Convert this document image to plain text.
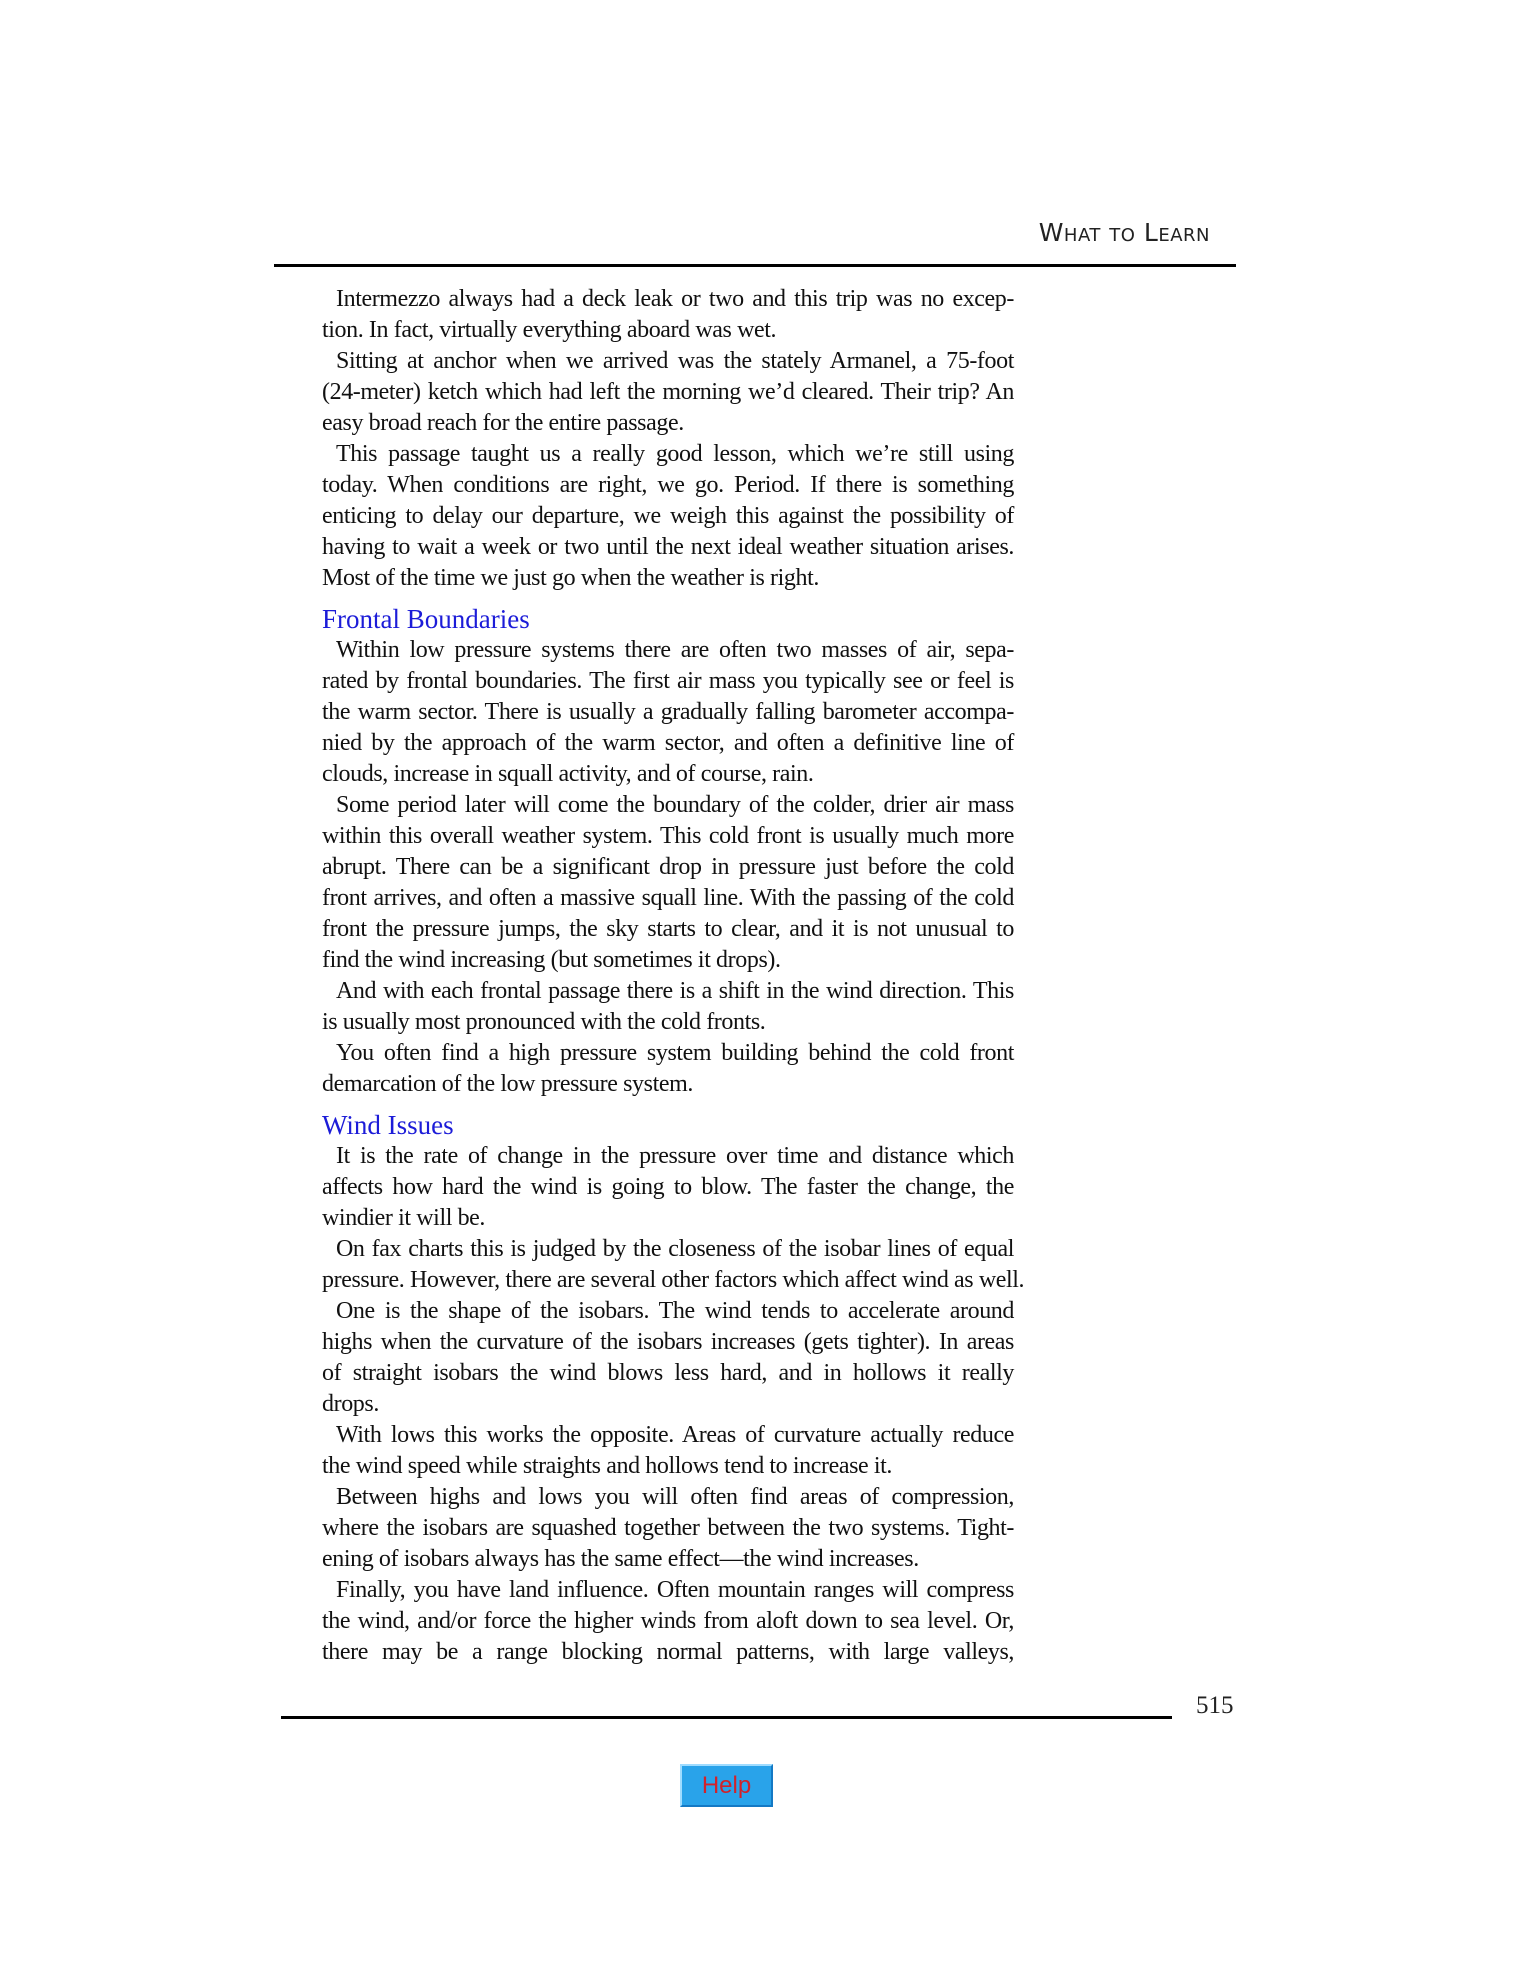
What to Learn
Intermezzo always had a deck leak or two and this trip was no excep-
tion. In fact, virtually everything aboard was wet.
Sitting at anchor when we arrived was the stately Armanel, a 75-foot
(24-meter) ketch which had left the morning we’d cleared. Their trip? An
easy broad reach for the entire passage.
This passage taught us a really good lesson, which we’re still using
today. When conditions are right, we go. Period. If there is something
enticing to delay our departure, we weigh this against the possibility of
having to wait a week or two until the next ideal weather situation arises.
Most of the time we just go when the weather is right.
Frontal Boundaries
Within low pressure systems there are often two masses of air, sepa-
rated by frontal boundaries. The first air mass you typically see or feel is
the warm sector. There is usually a gradually falling barometer accompa-
nied by the approach of the warm sector, and often a definitive line of
clouds, increase in squall activity, and of course, rain.
Some period later will come the boundary of the colder, drier air mass
within this overall weather system. This cold front is usually much more
abrupt. There can be a significant drop in pressure just before the cold
front arrives, and often a massive squall line. With the passing of the cold
front the pressure jumps, the sky starts to clear, and it is not unusual to
find the wind increasing (but sometimes it drops).
And with each frontal passage there is a shift in the wind direction. This
is usually most pronounced with the cold fronts.
You often find a high pressure system building behind the cold front
demarcation of the low pressure system.
Wind Issues
It is the rate of change in the pressure over time and distance which
affects how hard the wind is going to blow. The faster the change, the
windier it will be.
On fax charts this is judged by the closeness of the isobar lines of equal
pressure. However, there are several other factors which affect wind as well.
One is the shape of the isobars. The wind tends to accelerate around
highs when the curvature of the isobars increases (gets tighter). In areas
of straight isobars the wind blows less hard, and in hollows it really
drops.
With lows this works the opposite. Areas of curvature actually reduce
the wind speed while straights and hollows tend to increase it.
Between highs and lows you will often find areas of compression,
where the isobars are squashed together between the two systems. Tight-
ening of isobars always has the same effect—the wind increases.
Finally, you have land influence. Often mountain ranges will compress
the wind, and/or force the higher winds from aloft down to sea level. Or,
there may be a range blocking normal patterns, with large valleys,
515
Help
